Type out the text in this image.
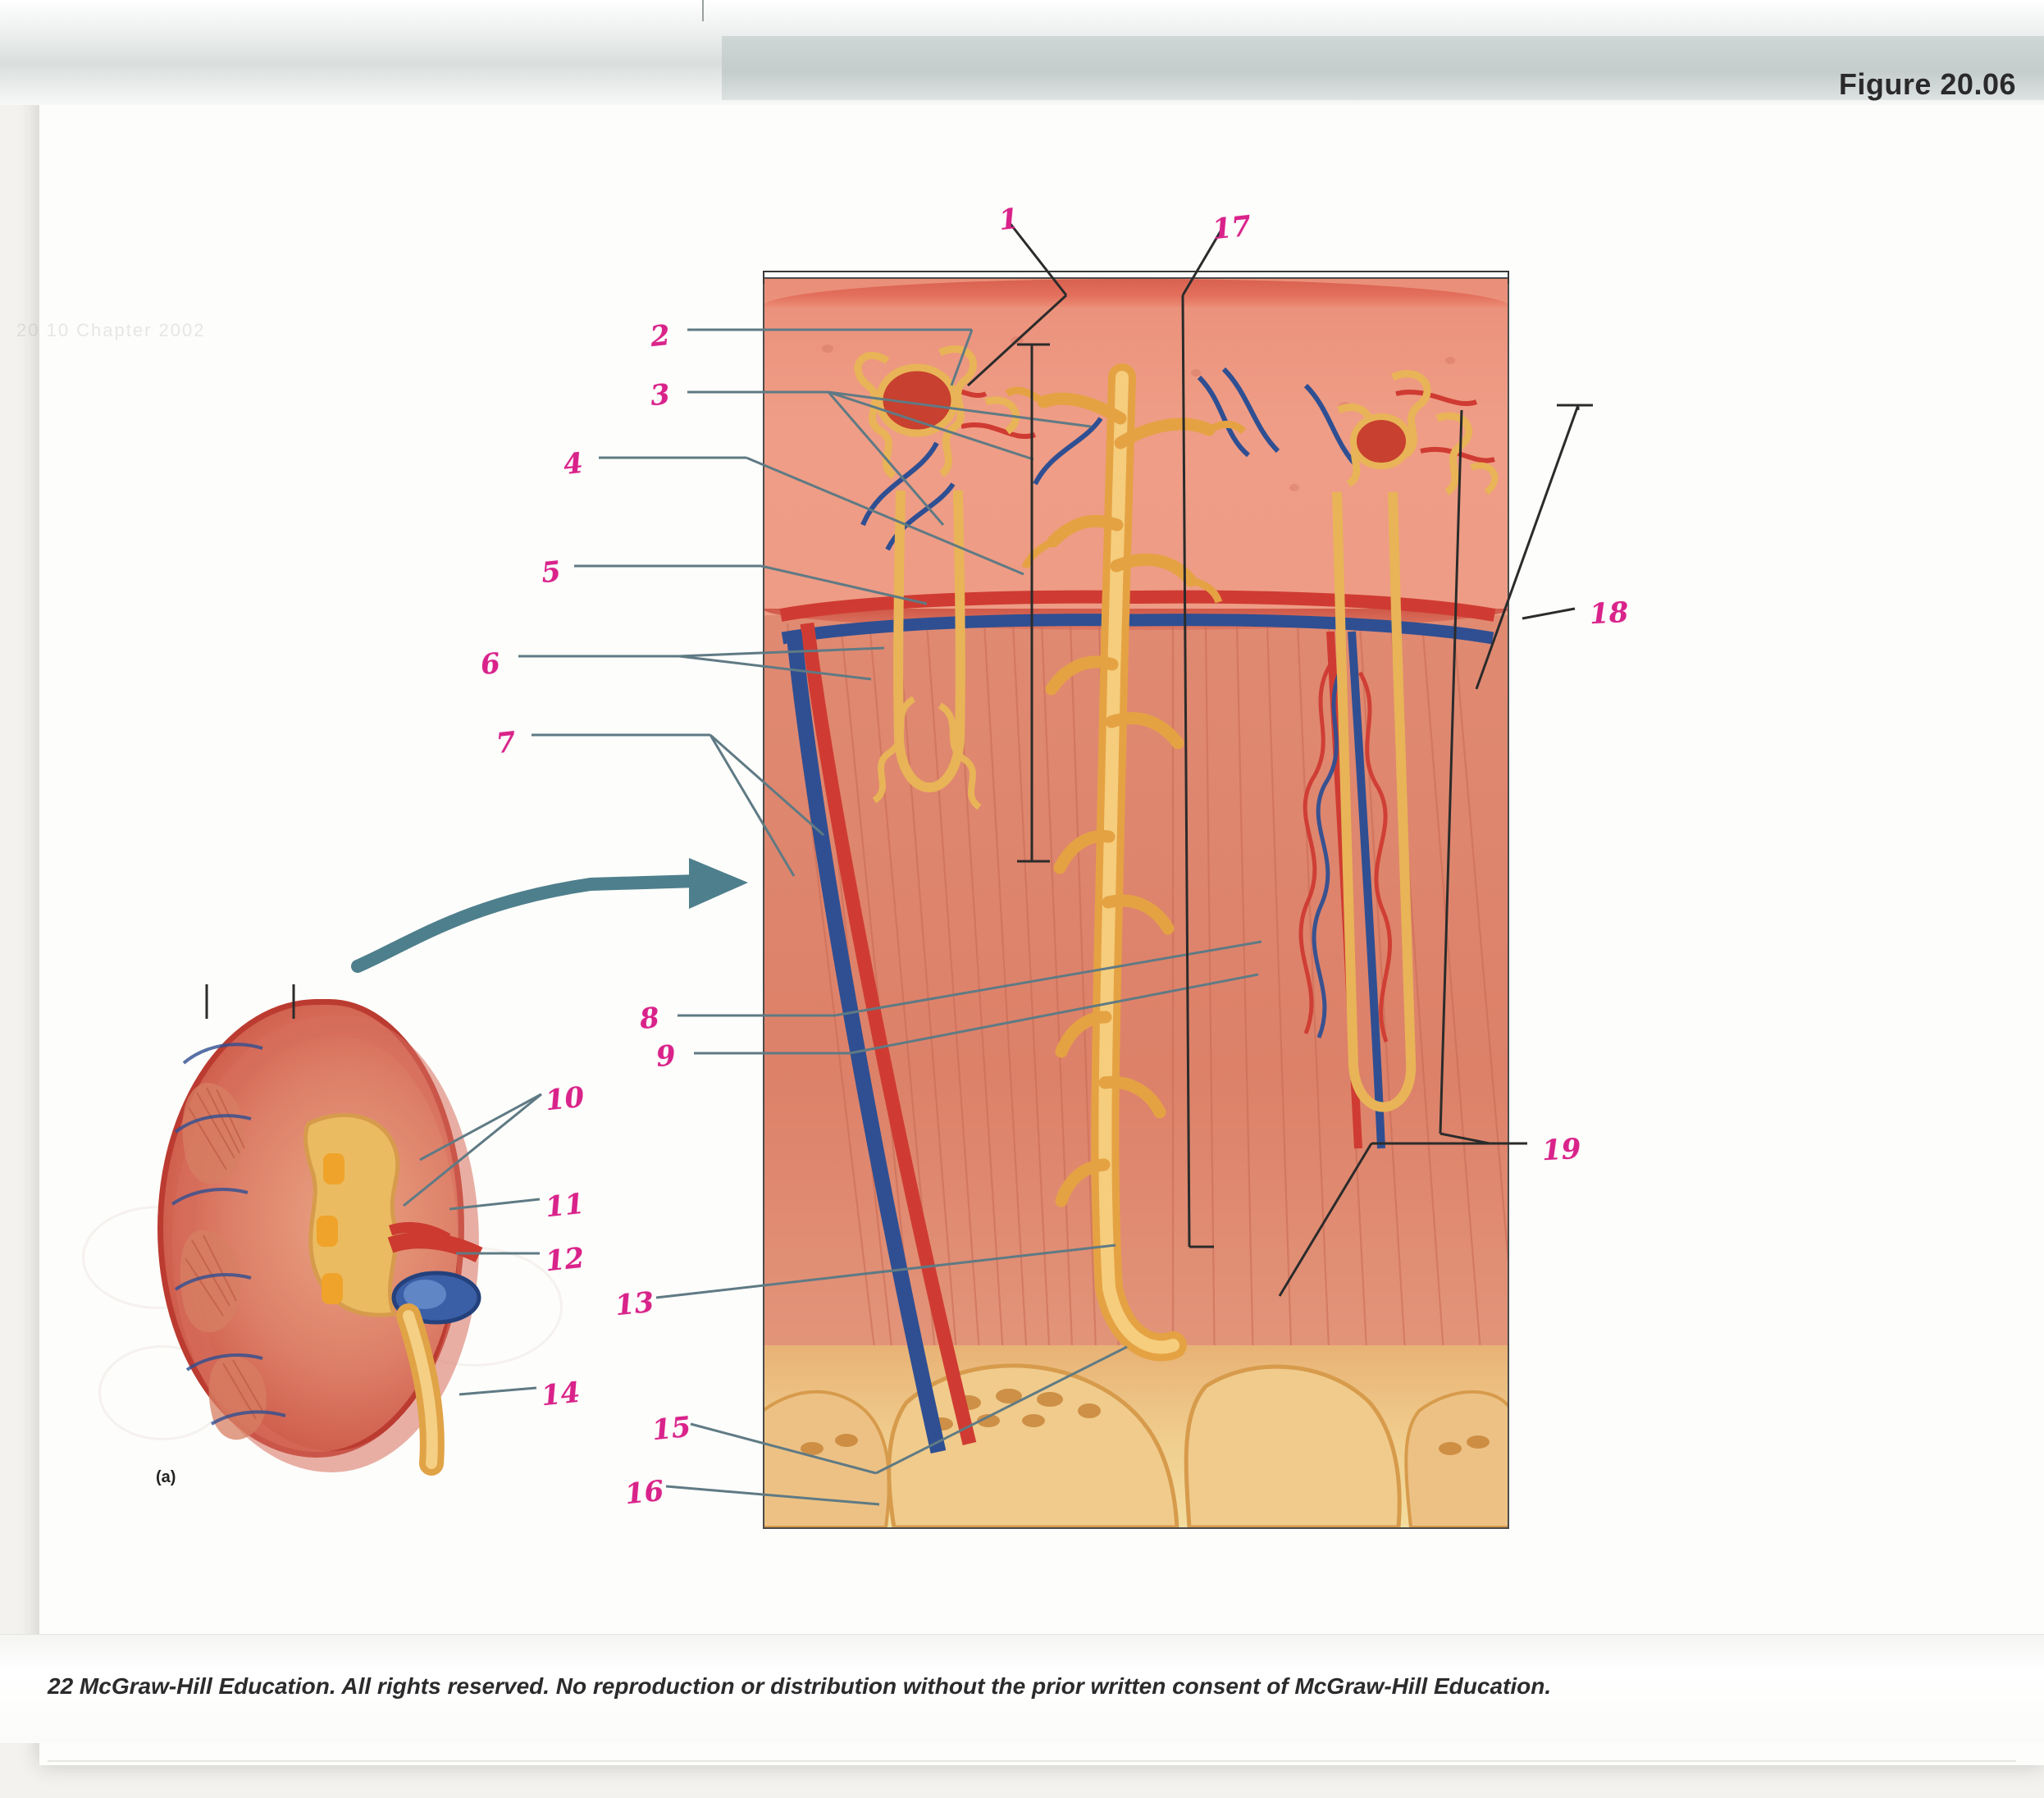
Figure 20.06
20 10 Chapter 2002
(a)
2
3
4
5
6
7
8
9
10
11
12
13
14
15
16
1	17
18
19
22 McGraw-Hill Education. All rights reserved. No reproduction or distribution without the prior written consent of McGraw-Hill Education.
